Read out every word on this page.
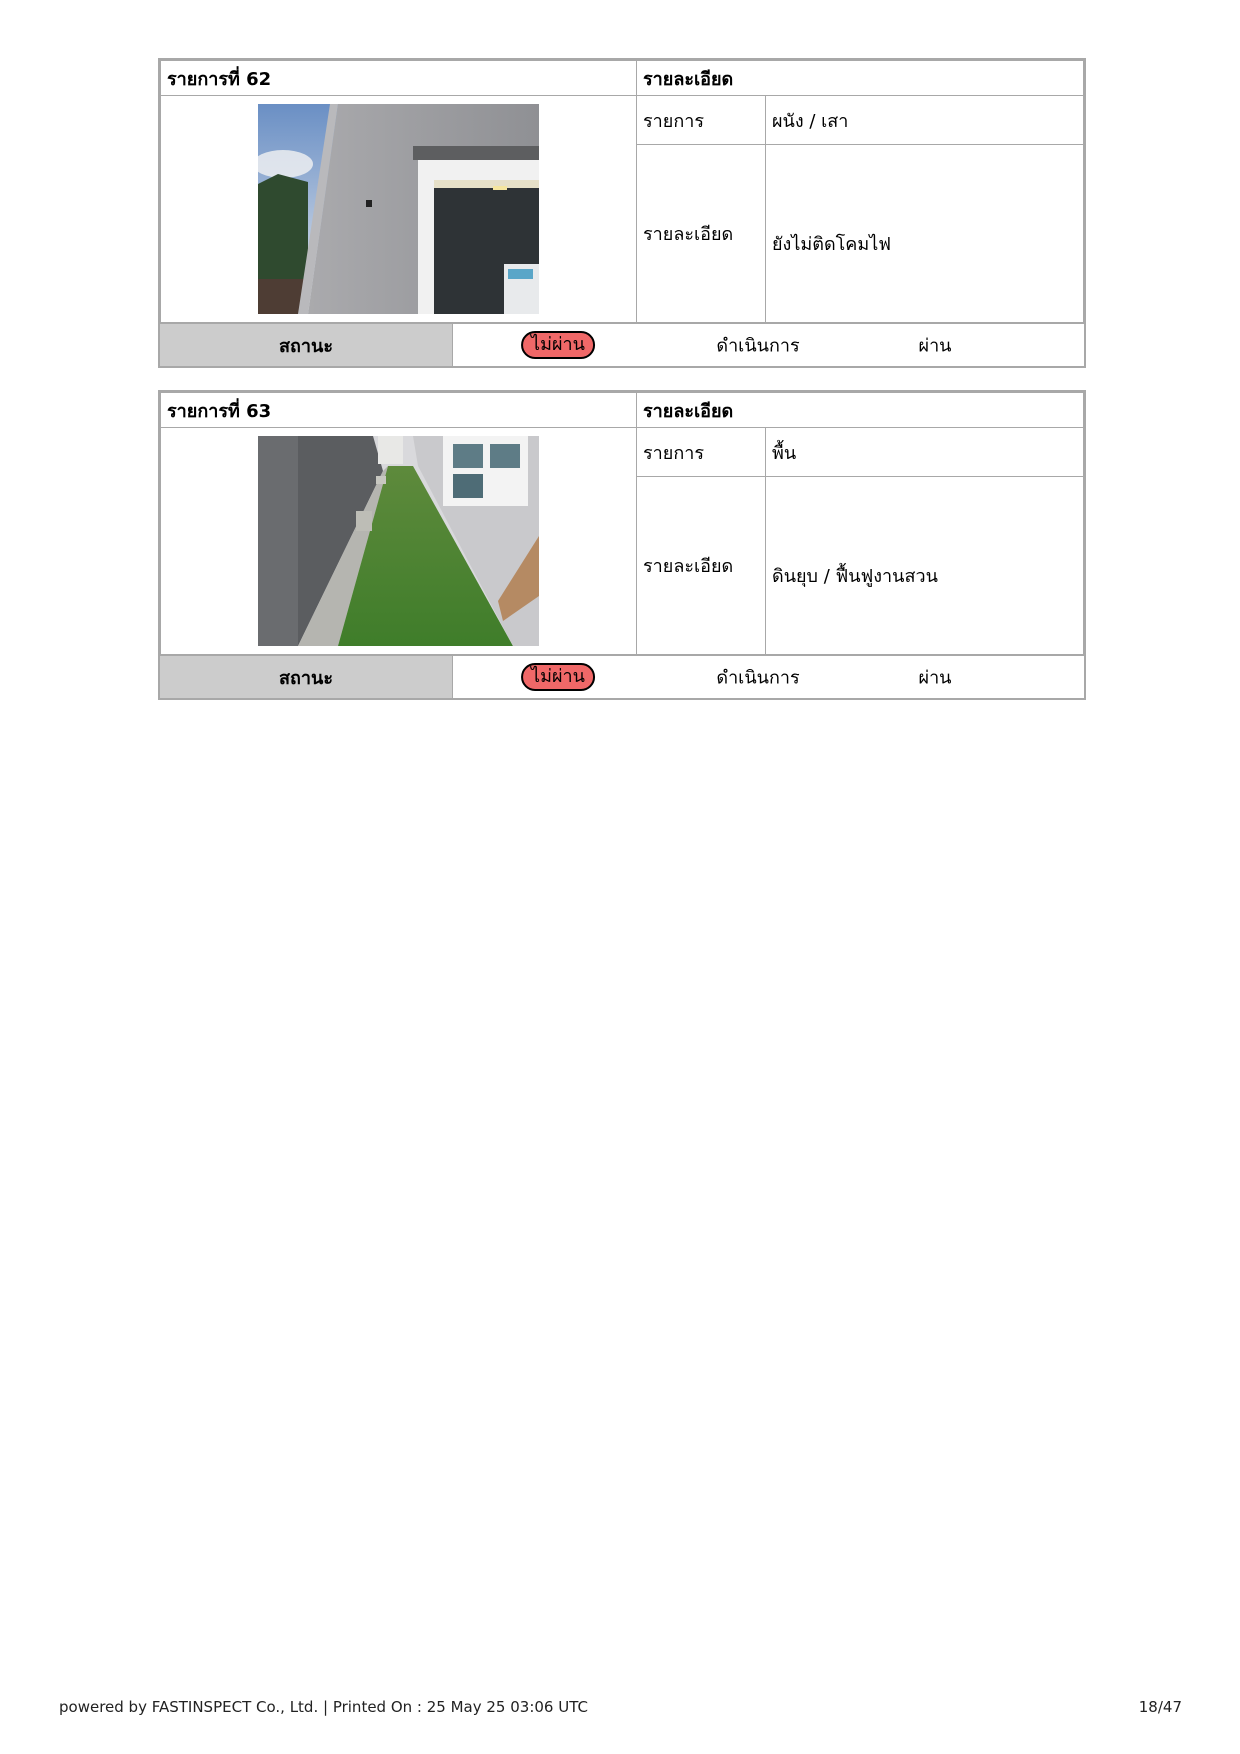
รายการที่ 62	รายละเอียด	

	รายการ	ผนัง / เสา
	รายละเอียด	ยังไม่ติดโคมไฟ
สถานะ	ไม่ผ่าน	ดำเนินการ	ผ่าน
รายการที่ 63	รายละเอียด	

	รายการ	พื้น
	รายละเอียด	ดินยุบ / ฟื้นฟูงานสวน
สถานะ	ไม่ผ่าน	ดำเนินการ	ผ่าน
powered by FASTINSPECT Co., Ltd. | Printed On : 25 May 25 03:06 UTC	18/47
